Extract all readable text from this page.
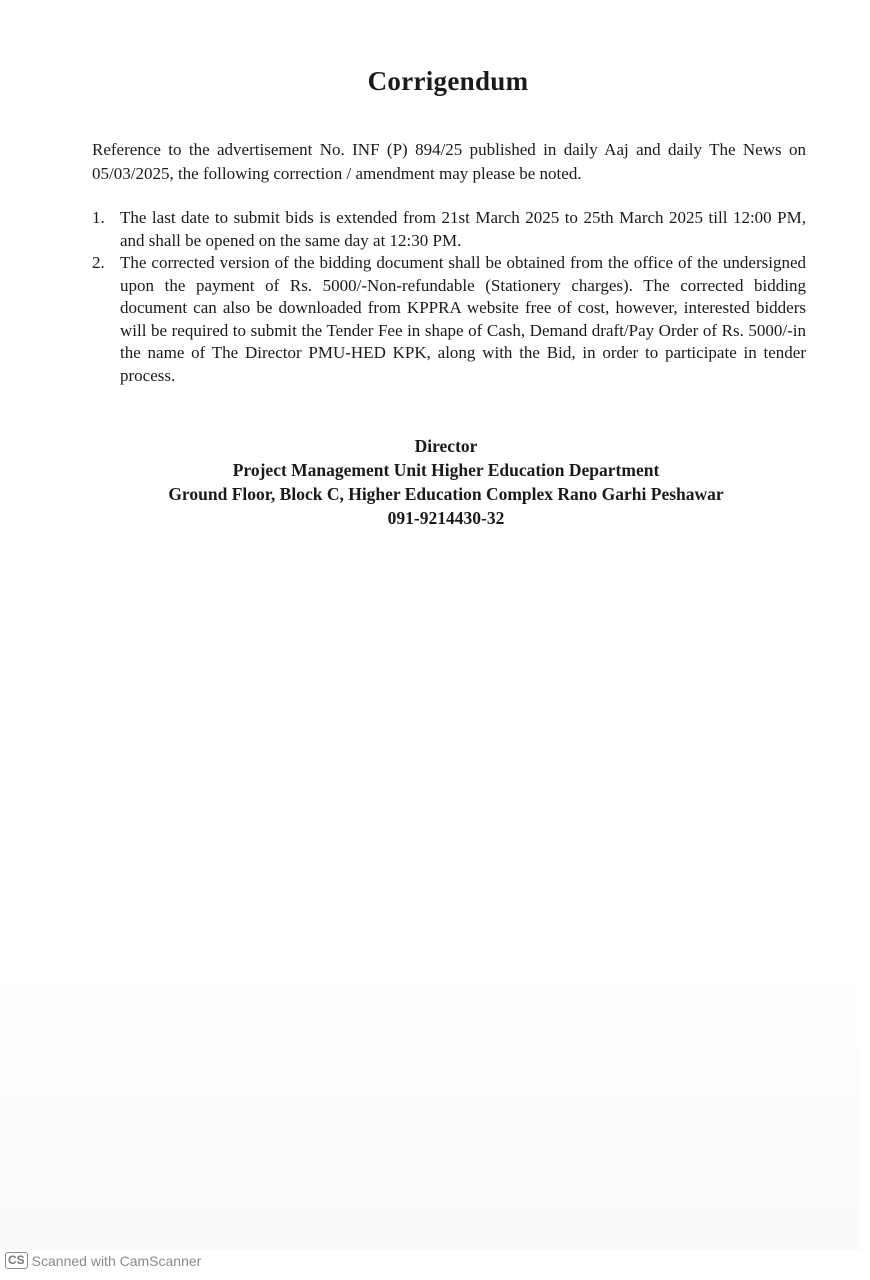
Corrigendum
Reference to the advertisement No. INF (P) 894/25 published in daily Aaj and daily The News on 05/03/2025, the following correction / amendment may please be noted.
1. The last date to submit bids is extended from 21st March 2025 to 25th March 2025 till 12:00 PM, and shall be opened on the same day at 12:30 PM.
2. The corrected version of the bidding document shall be obtained from the office of the undersigned upon the payment of Rs. 5000/-Non-refundable (Stationery charges). The corrected bidding document can also be downloaded from KPPRA website free of cost, however, interested bidders will be required to submit the Tender Fee in shape of Cash, Demand draft/Pay Order of Rs. 5000/-in the name of The Director PMU-HED KPK, along with the Bid, in order to participate in tender process.
Director
Project Management Unit Higher Education Department
Ground Floor, Block C, Higher Education Complex Rano Garhi Peshawar
091-9214430-32
CS Scanned with CamScanner
